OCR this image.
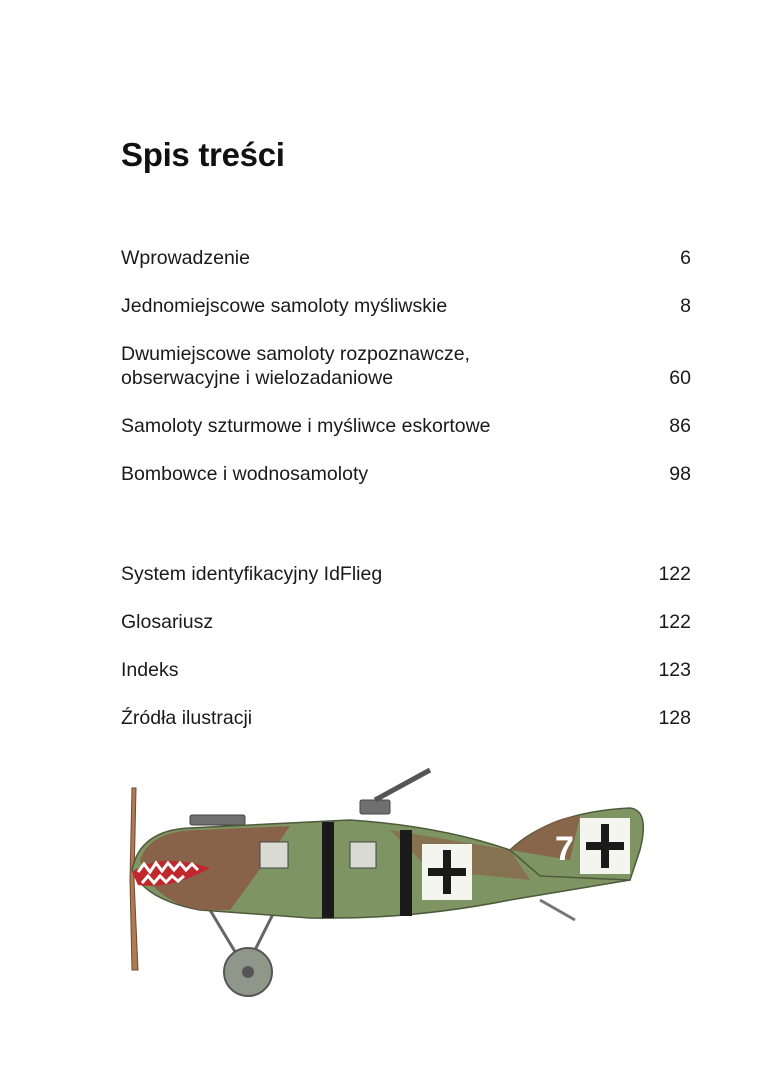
Spis treści
Wprowadzenie	6
Jednomiejscowe samoloty myśliwskie	8
Dwumiejscowe samoloty rozpoznawcze,
obserwacyjne i wielozadaniowe	60
Samoloty szturmowe i myśliwce eskortowe	86
Bombowce i wodnosamoloty	98
System identyfikacyjny IdFlieg	122
Glosariusz	122
Indeks	123
Źródła ilustracji	128
7
